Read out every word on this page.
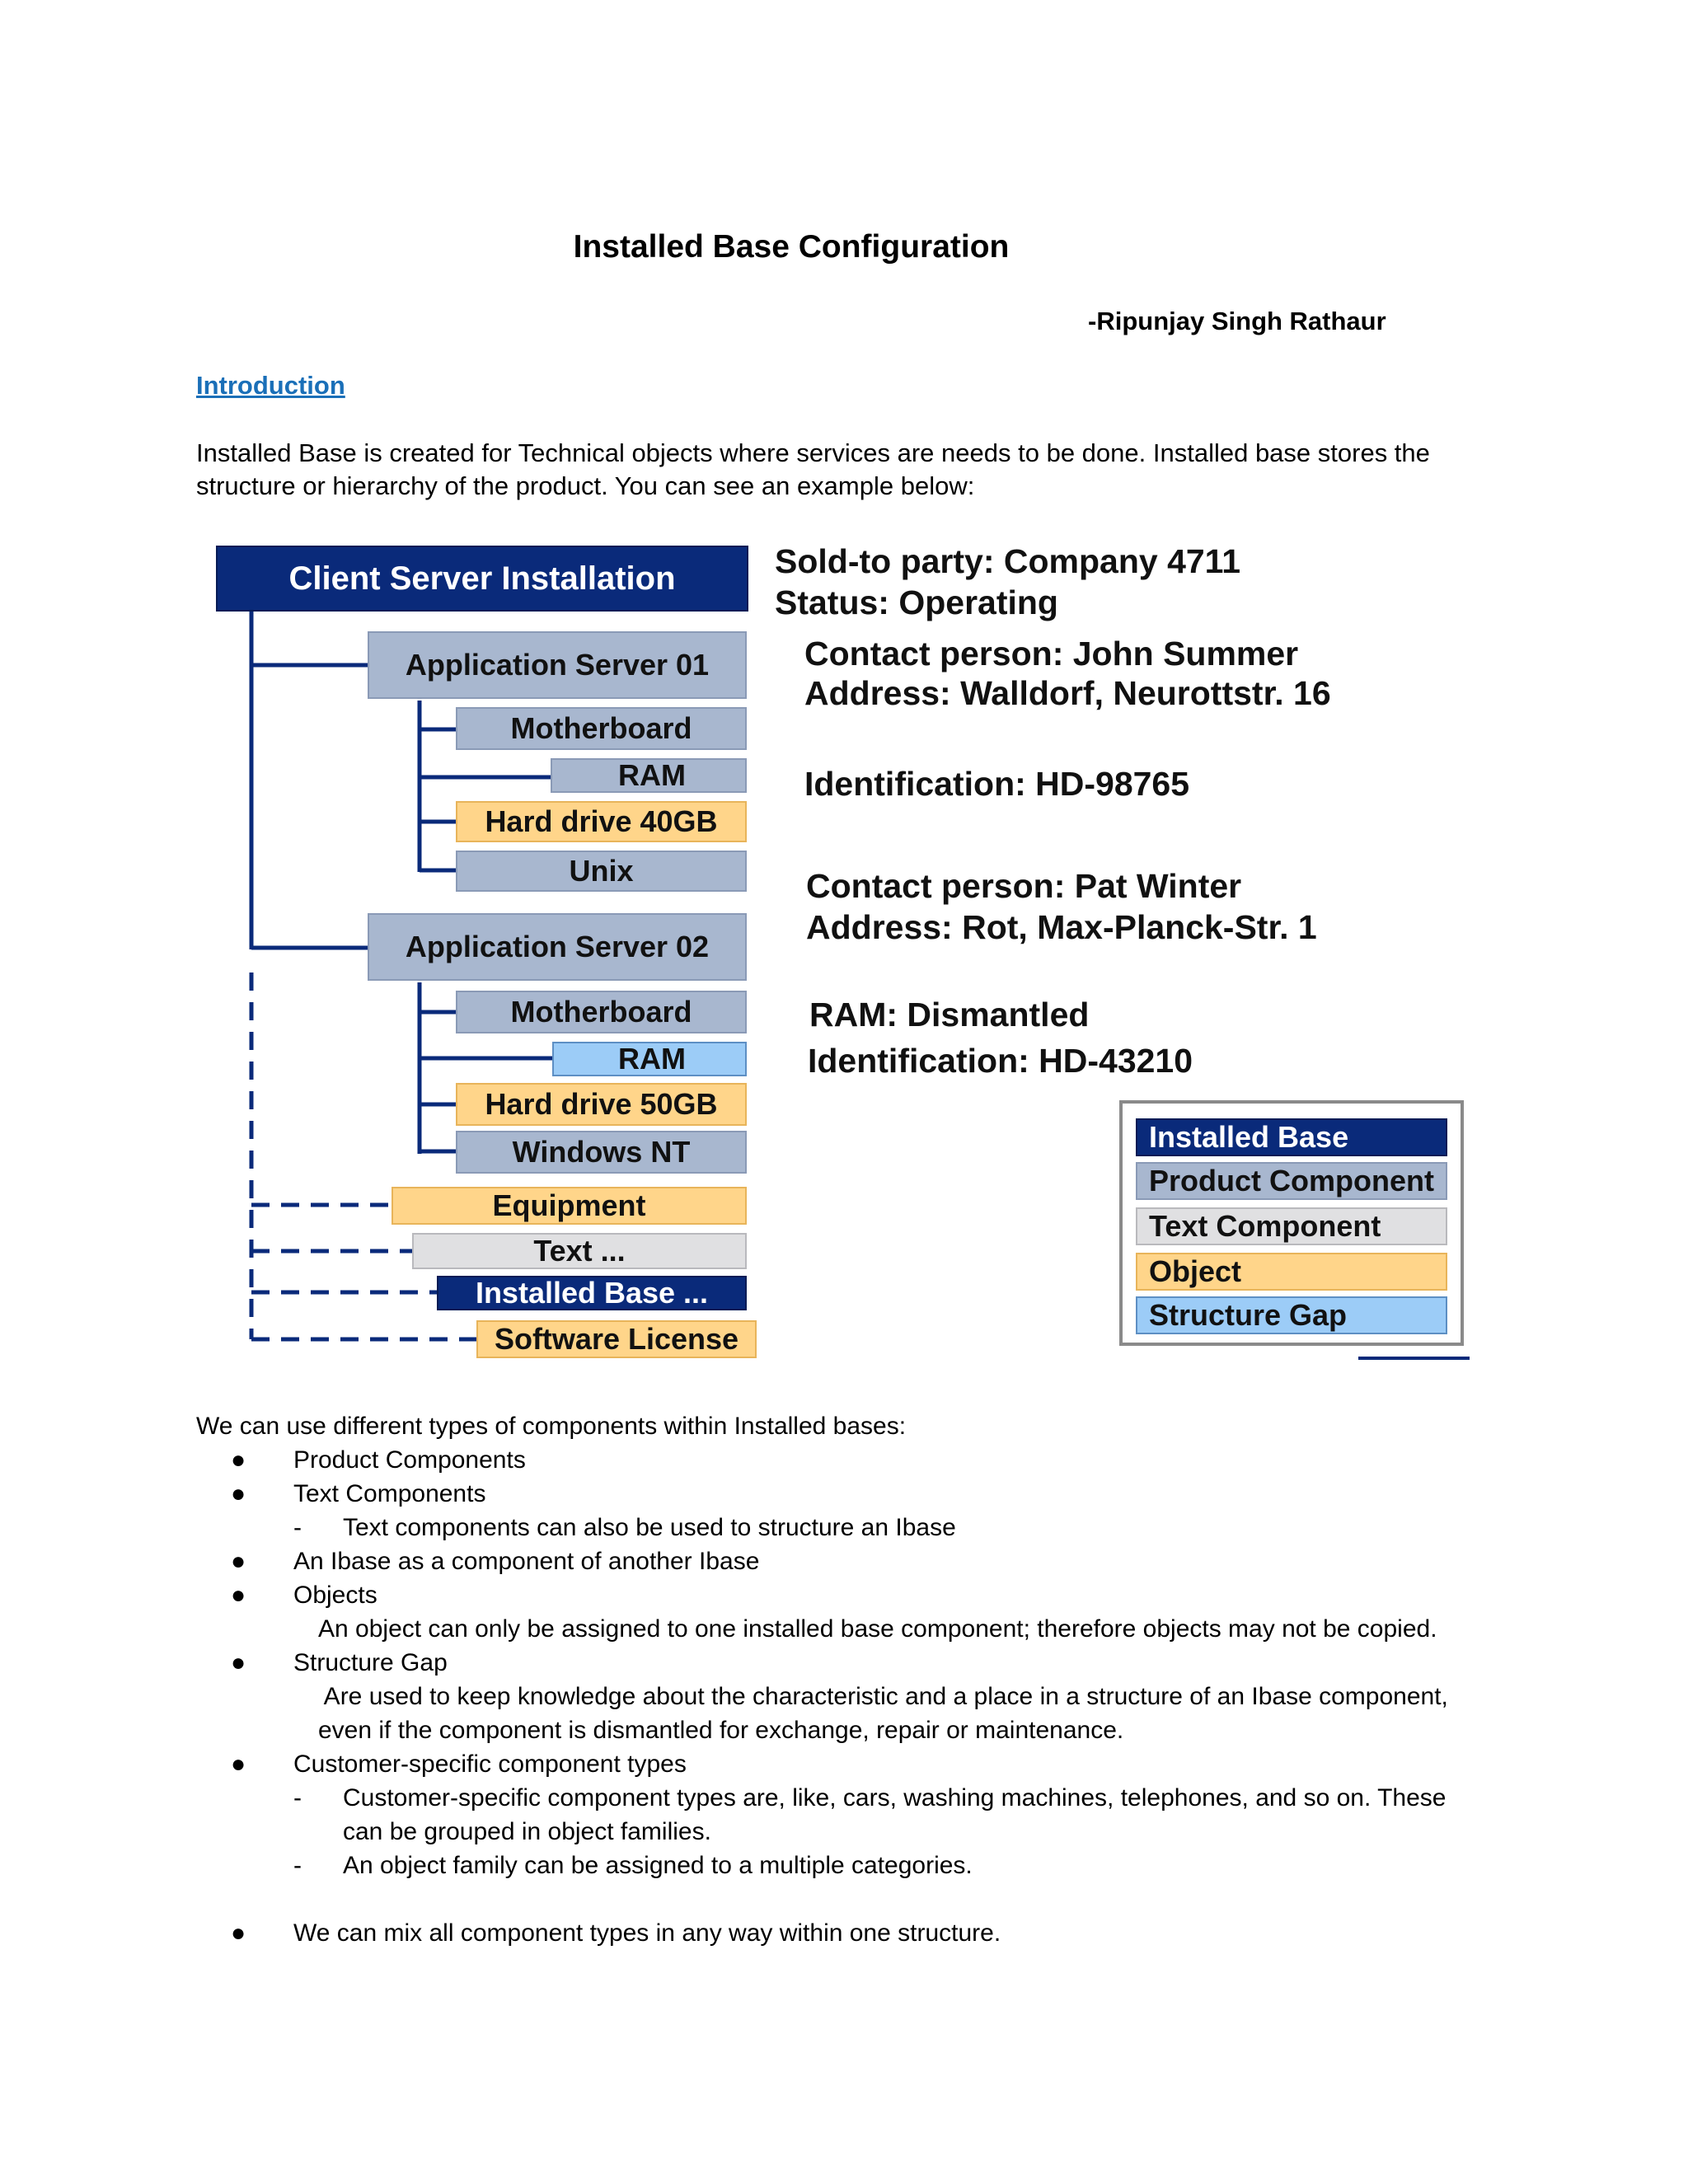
Installed Base Configuration
-Ripunjay Singh Rathaur
Introduction

Installed Base is created for Technical objects where services are needs to be done. Installed base stores the

structure or hierarchy of the product. You can see an example below:

Client Server Installation
Application Server 01
Motherboard
RAM
Hard drive 40GB
Unix
Application Server 02
Motherboard
RAM
Hard drive 50GB
Windows NT
Equipment
Text ...
Installed Base ...
Software License
Sold-to party: Company 4711
Status: Operating
Contact person: John Summer
Address: Walldorf, Neurottstr. 16
Identification: HD-98765
Contact person: Pat Winter
Address: Rot, Max-Planck-Str. 1
RAM: Dismantled
Identification: HD-43210
Installed Base
Product Component
Text Component
Object
Structure Gap

We can use different types of components within Installed bases:

● Product Components
● Text Components
- Text components can also be used to structure an Ibase
● An Ibase as a component of another Ibase
● Objects
An object can only be assigned to one installed base component; therefore objects may not be copied.
● Structure Gap
Are used to keep knowledge about the characteristic and a place in a structure of an Ibase component,
even if the component is dismantled for exchange, repair or maintenance.
● Customer-specific component types
- Customer-specific component types are, like, cars, washing machines, telephones, and so on. These
can be grouped in object families.
- An object family can be assigned to a multiple categories.
● We can mix all component types in any way within one structure.
